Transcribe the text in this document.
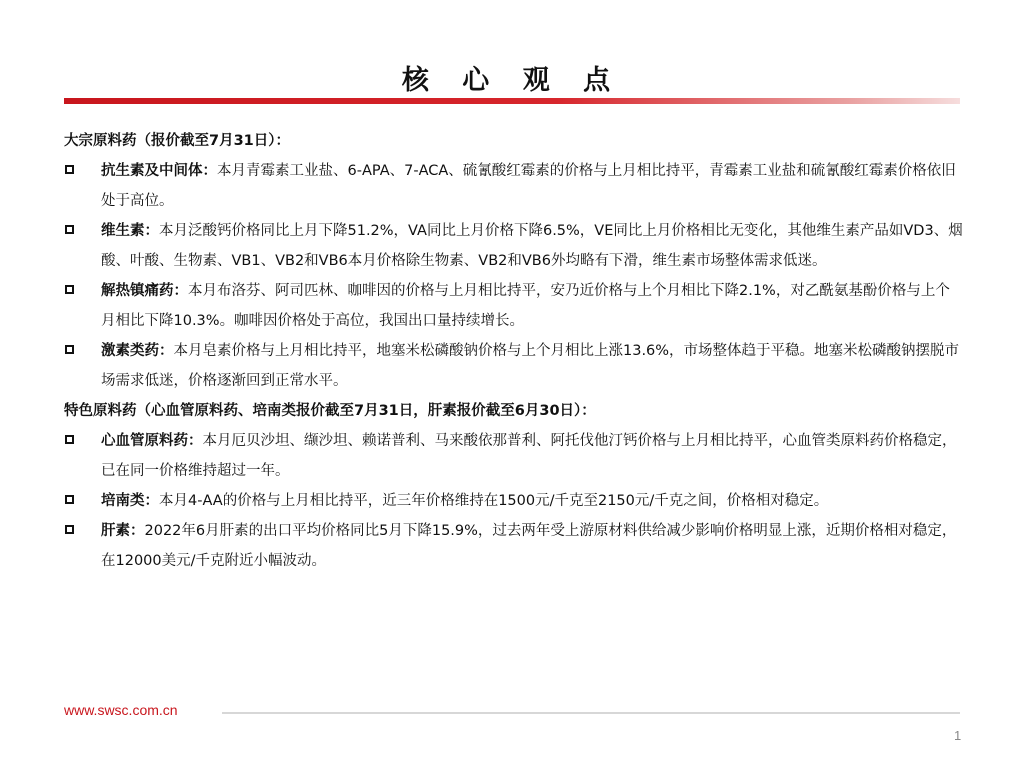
核 心 观 点
大宗原料药（报价截至7月31日）：
抗生素及中间体：本月青霉素工业盐、6-APA、7-ACA、硫氰酸红霉素的价格与上月相比持平，青霉素工业盐和硫氰酸红霉素价格依旧处于高位。
维生素：本月泛酸钙价格同比上月下降51.2%，VA同比上月价格下降6.5%，VE同比上月价格相比无变化，其他维生素产品如VD3、烟酸、叶酸、生物素、VB1、VB2和VB6本月价格除生物素、VB2和VB6外均略有下滑，维生素市场整体需求低迷。
解热镇痛药：本月布洛芬、阿司匹林、咖啡因的价格与上月相比持平，安乃近价格与上个月相比下降2.1%，对乙酰氨基酚价格与上个月相比下降10.3%。咖啡因价格处于高位，我国出口量持续增长。
激素类药：本月皂素价格与上月相比持平，地塞米松磷酸钠价格与上个月相比上涨13.6%，市场整体趋于平稳。地塞米松磷酸钠摆脱市场需求低迷，价格逐渐回到正常水平。
特色原料药（心血管原料药、培南类报价截至7月31日，肝素报价截至6月30日）：
心血管原料药：本月厄贝沙坦、缬沙坦、赖诺普利、马来酸依那普利、阿托伐他汀钙价格与上月相比持平，心血管类原料药价格稳定，已在同一价格维持超过一年。
培南类：本月4-AA的价格与上月相比持平，近三年价格维持在1500元/千克至2150元/千克之间，价格相对稳定。
肝素：2022年6月肝素的出口平均价格同比5月下降15.9%，过去两年受上游原材料供给减少影响价格明显上涨，近期价格相对稳定，在12000美元/千克附近小幅波动。
www.swsc.com.cn
1
